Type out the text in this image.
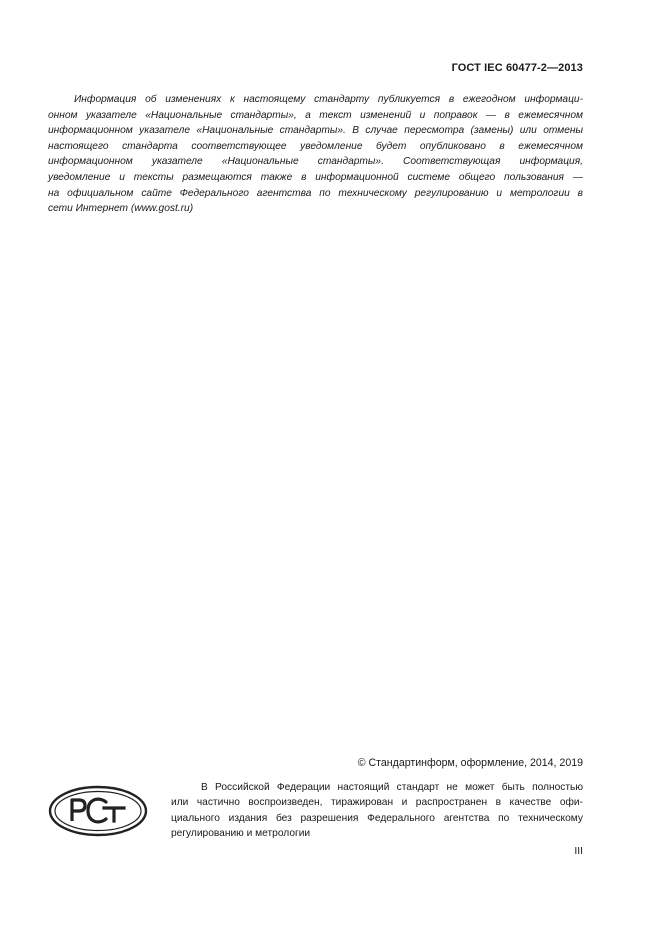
ГОСТ IEC 60477-2—2013
Информация об изменениях к настоящему стандарту публикуется в ежегодном информаци-
онном указателе «Национальные стандарты», а текст изменений и поправок — в ежемесячном
информационном указателе «Национальные стандарты». В случае пересмотра (замены) или отмены
настоящего стандарта соответствующее уведомление будет опубликовано в ежемесячном
информационном указателе «Национальные стандарты». Соответствующая информация,
уведомление и тексты размещаются также в информационной системе общего пользования —
на официальном сайте Федерального агентства по техническому регулированию и метрологии в
сети Интернет (www.gost.ru)
© Стандартинформ, оформление, 2014, 2019
В Российской Федерации настоящий стандарт не может быть полностью
или частично воспроизведен, тиражирован и распространен в качестве офи-
циального издания без разрешения Федерального агентства по техническому
регулированию и метрологии
III
